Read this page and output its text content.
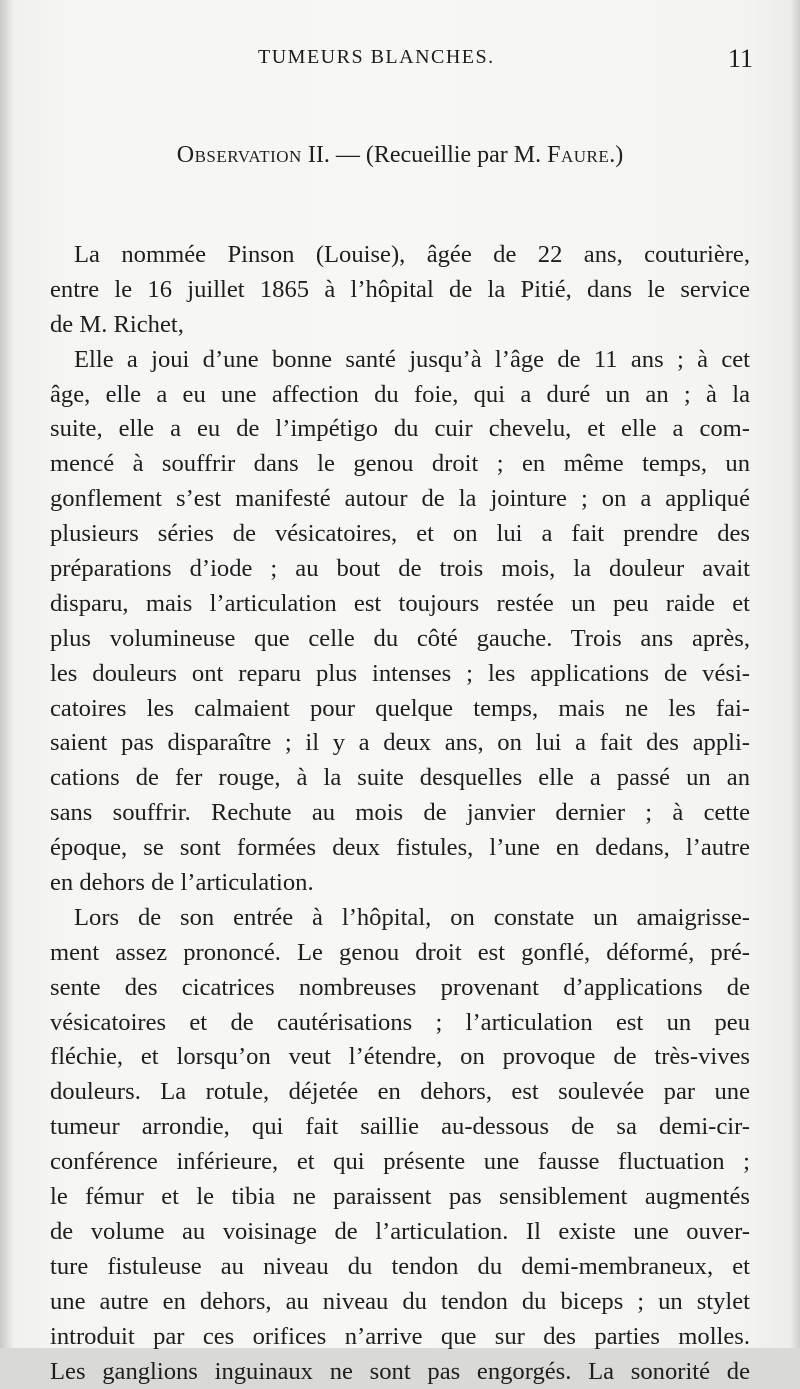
TUMEURS BLANCHES.	11
Observation II. — (Recueillie par M. Faure.)
La nommée Pinson (Louise), âgée de 22 ans, couturière,
entre le 16 juillet 1865 à l’hôpital de la Pitié, dans le service
de M. Richet,
Elle a joui d’une bonne santé jusqu’à l’âge de 11 ans ; à cet
âge, elle a eu une affection du foie, qui a duré un an ; à la
suite, elle a eu de l’impétigo du cuir chevelu, et elle a com-
mencé à souffrir dans le genou droit ; en même temps, un
gonflement s’est manifesté autour de la jointure ; on a appliqué
plusieurs séries de vésicatoires, et on lui a fait prendre des
préparations d’iode ; au bout de trois mois, la douleur avait
disparu, mais l’articulation est toujours restée un peu raide et
plus volumineuse que celle du côté gauche. Trois ans après,
les douleurs ont reparu plus intenses ; les applications de vési-
catoires les calmaient pour quelque temps, mais ne les fai-
saient pas disparaître ; il y a deux ans, on lui a fait des appli-
cations de fer rouge, à la suite desquelles elle a passé un an
sans souffrir. Rechute au mois de janvier dernier ; à cette
époque, se sont formées deux fistules, l’une en dedans, l’autre
en dehors de l’articulation.
Lors de son entrée à l’hôpital, on constate un amaigrisse-
ment assez prononcé. Le genou droit est gonflé, déformé, pré-
sente des cicatrices nombreuses provenant d’applications de
vésicatoires et de cautérisations ; l’articulation est un peu
fléchie, et lorsqu’on veut l’étendre, on provoque de très-vives
douleurs. La rotule, déjetée en dehors, est soulevée par une
tumeur arrondie, qui fait saillie au-dessous de sa demi-cir-
conférence inférieure, et qui présente une fausse fluctuation ;
le fémur et le tibia ne paraissent pas sensiblement augmentés
de volume au voisinage de l’articulation. Il existe une ouver-
ture fistuleuse au niveau du tendon du demi-membraneux, et
une autre en dehors, au niveau du tendon du biceps ; un stylet
introduit par ces orifices n’arrive que sur des parties molles.
Les ganglions inguinaux ne sont pas engorgés. La sonorité de
